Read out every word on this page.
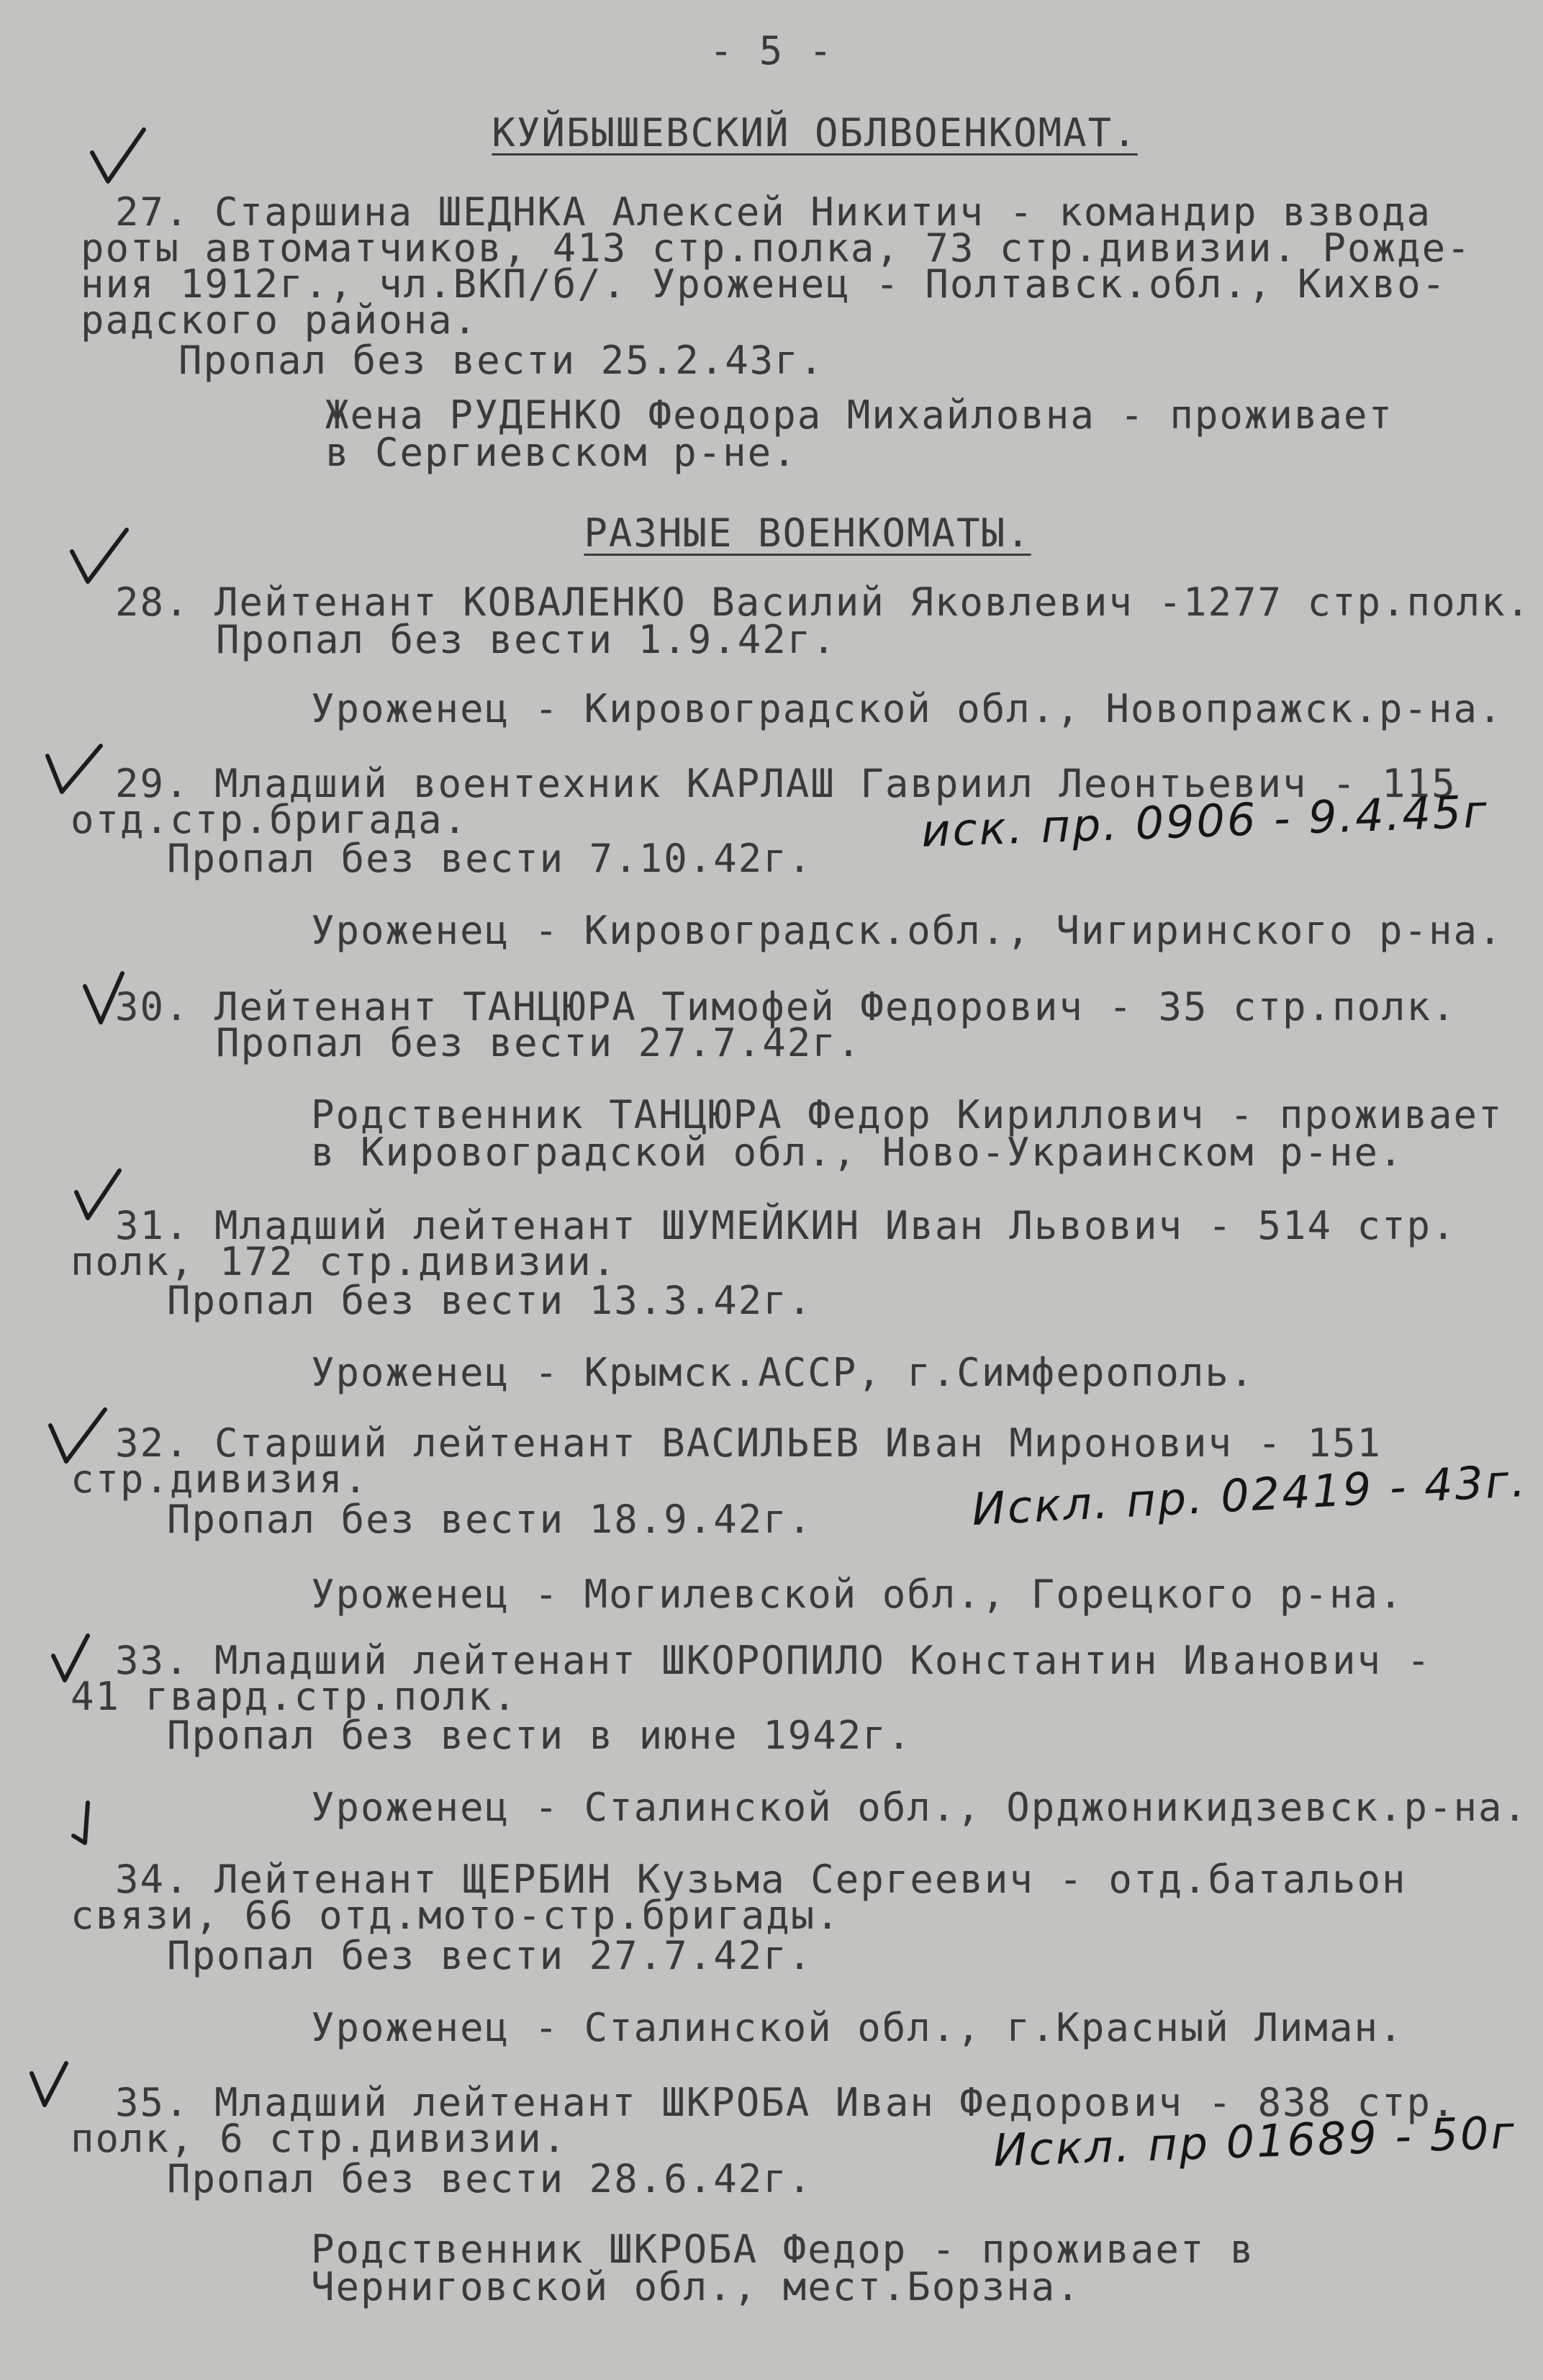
- 5 -
КУЙБЫШЕВСКИЙ ОБЛВОЕНКОМАТ.
27. Старшина ШЕДНКА Алексей Никитич - командир взвода
роты автоматчиков, 413 стр.полка, 73 стр.дивизии. Рожде-
ния 1912г., чл.ВКП/б/. Уроженец - Полтавск.обл., Кихво-
радского района.
Пропал без вести 25.2.43г.
Жена РУДЕНКО Феодора Михайловна - проживает
в Сергиевском р-не.
РАЗНЫЕ ВОЕНКОМАТЫ.
28. Лейтенант КОВАЛЕНКО Василий Яковлевич -1277 стр.полк.
Пропал без вести 1.9.42г.
Уроженец - Кировоградской обл., Новопражск.р-на.
29. Младший воентехник КАРЛАШ Гавриил Леонтьевич - 115
отд.стр.бригада.	иск. пр. 0906 - 9.4.45г
Пропал без вести 7.10.42г.
Уроженец - Кировоградск.обл., Чигиринского р-на.
30. Лейтенант ТАНЦЮРА Тимофей Федорович - 35 стр.полк.
Пропал без вести 27.7.42г.
Родственник ТАНЦЮРА Федор Кириллович - проживает
в Кировоградской обл., Ново-Украинском р-не.
31. Младший лейтенант ШУМЕЙКИН Иван Львович - 514 стр.
полк, 172 стр.дивизии.
Пропал без вести 13.3.42г.
Уроженец - Крымск.АССР, г.Симферополь.
32. Старший лейтенант ВАСИЛЬЕВ Иван Миронович - 151
стр.дивизия.	Искл. пр. 02419 - 43г.
Пропал без вести 18.9.42г.
Уроженец - Могилевской обл., Горецкого р-на.
33. Младший лейтенант ШКОРОПИЛО Константин Иванович -
41 гвард.стр.полк.
Пропал без вести в июне 1942г.
Уроженец - Сталинской обл., Орджоникидзевск.р-на.
34. Лейтенант ЩЕРБИН Кузьма Сергеевич - отд.батальон
связи, 66 отд.мото-стр.бригады.
Пропал без вести 27.7.42г.
Уроженец - Сталинской обл., г.Красный Лиман.
35. Младший лейтенант ШКРОБА Иван Федорович - 838 стр.
полк, 6 стр.дивизии.	Искл. пр 01689 - 50г
Пропал без вести 28.6.42г.
Родственник ШКРОБА Федор - проживает в
Черниговской обл., мест.Борзна.
